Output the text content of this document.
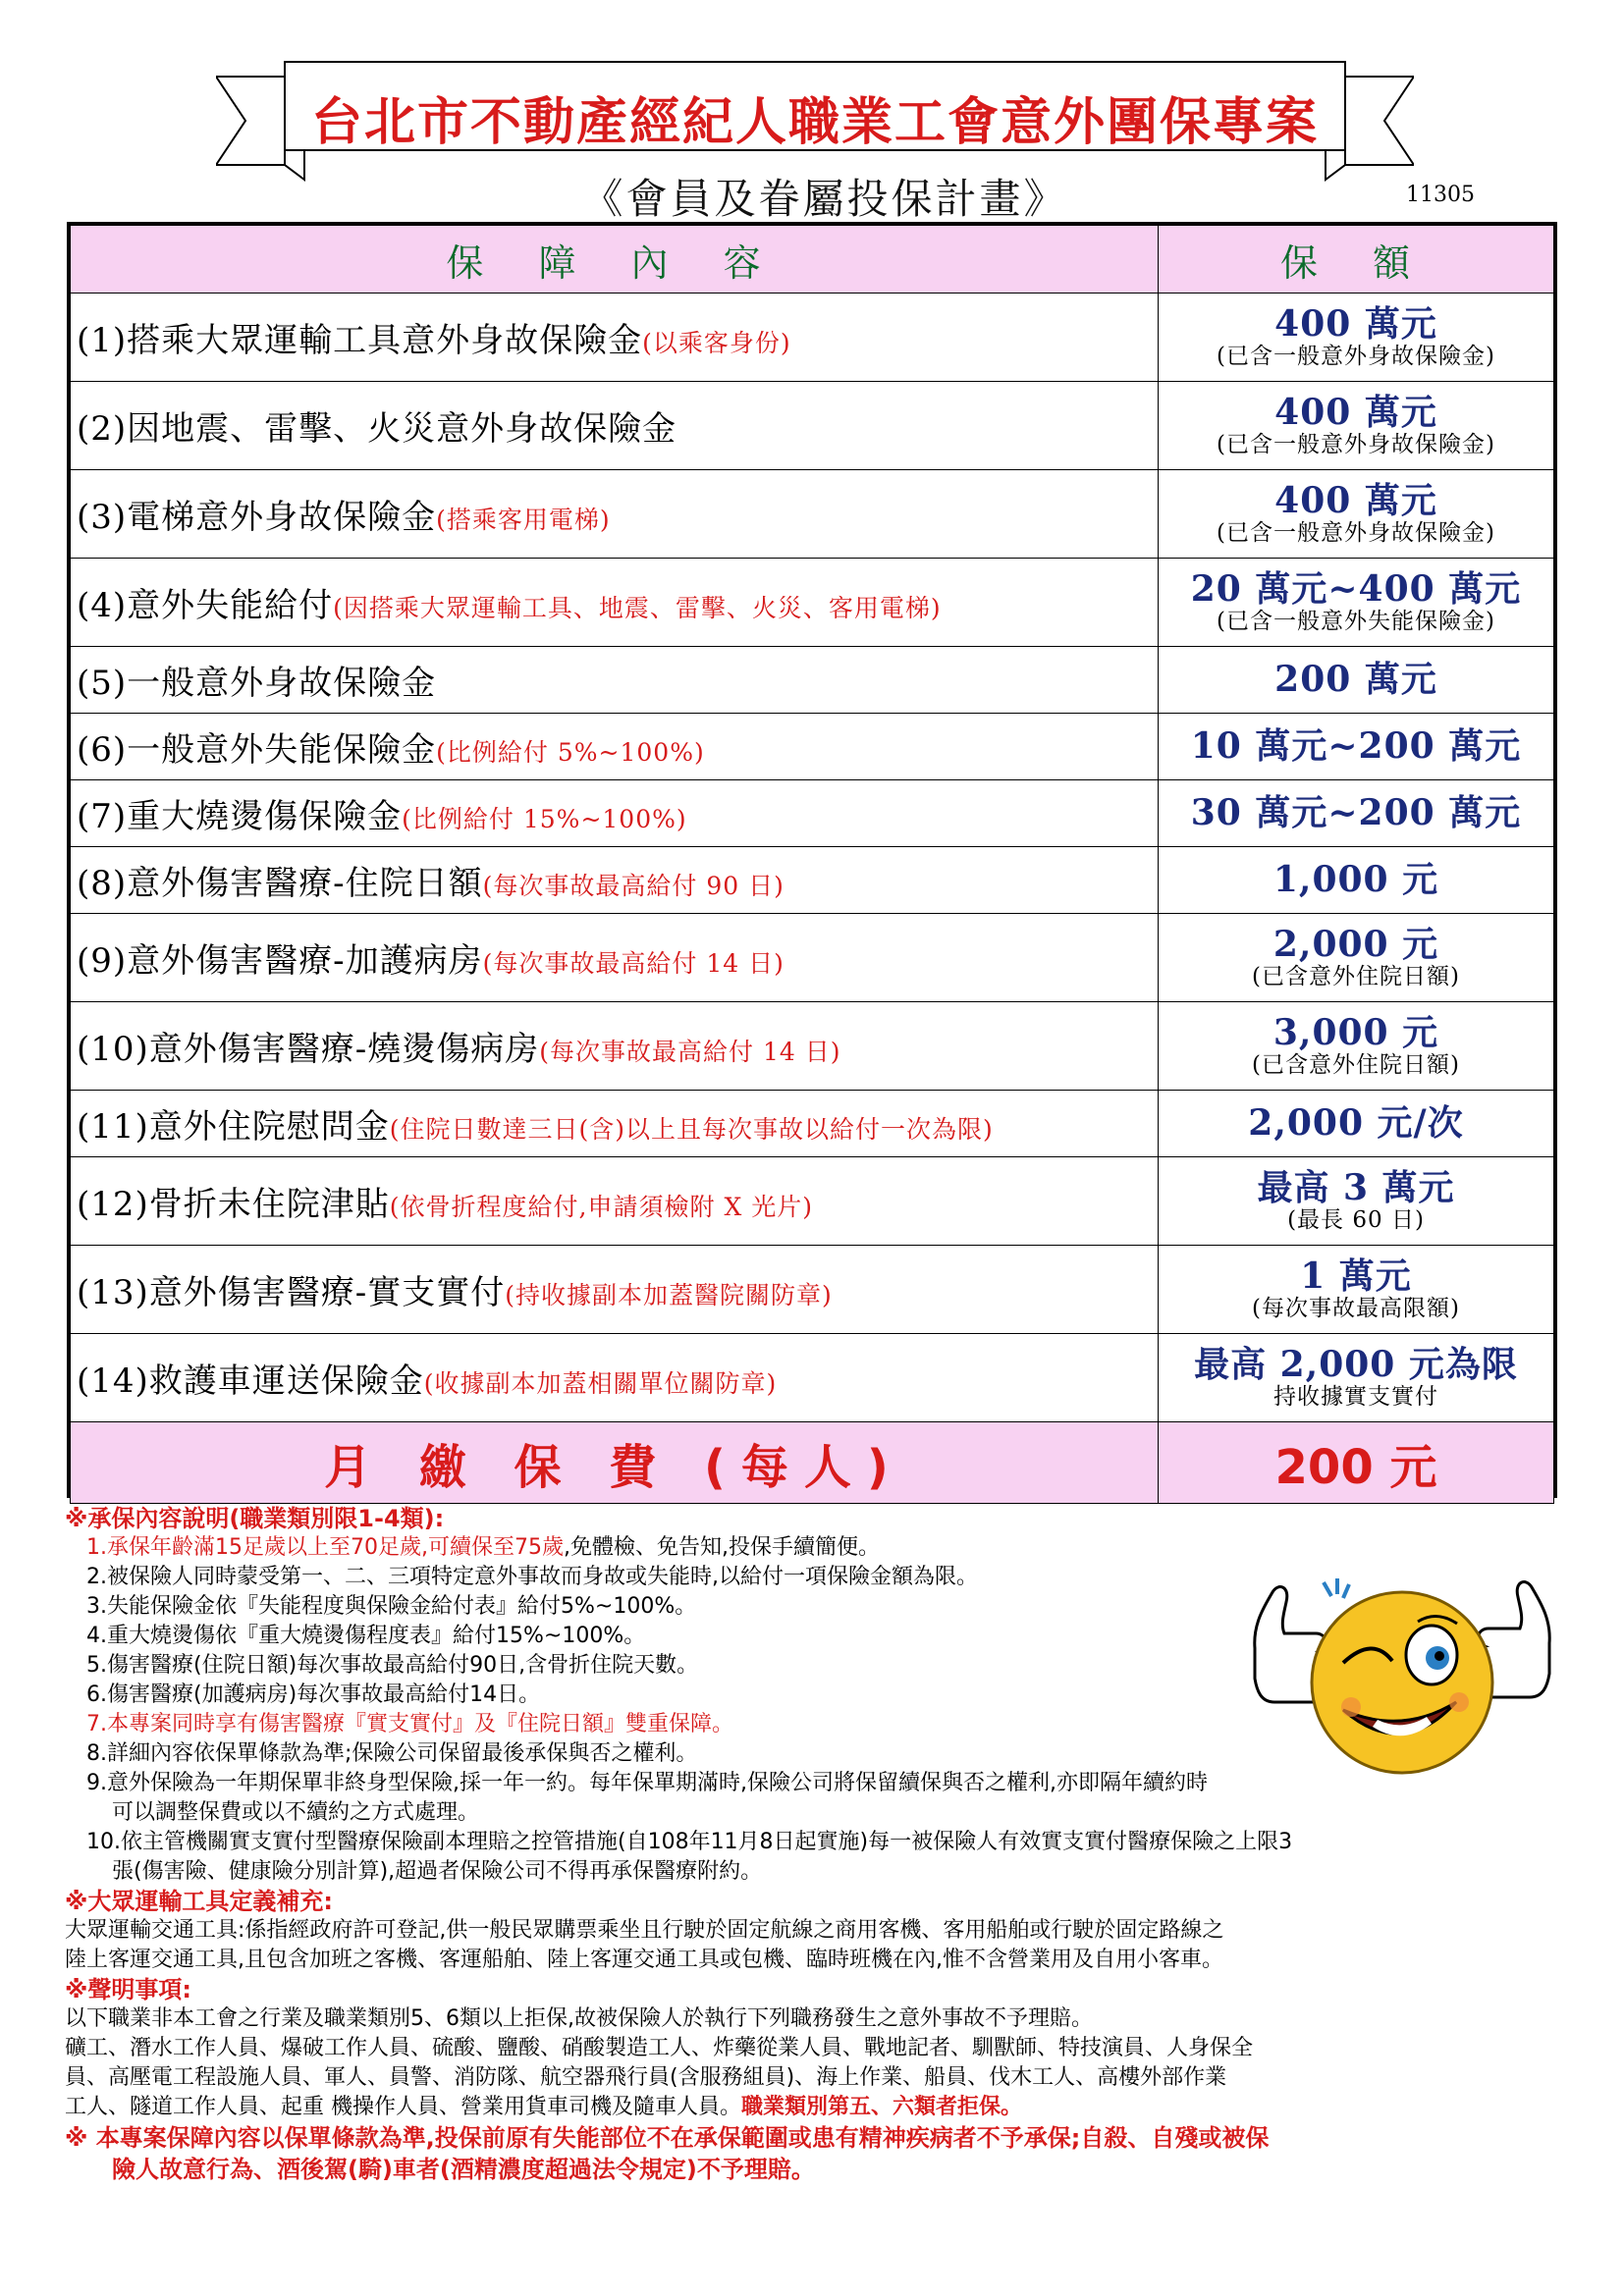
台北市不動產經紀人職業工會意外團保專案
《會員及眷屬投保計畫》	11305
保 障 內 容	保 額
(1)搭乘大眾運輸工具意外身故保險金(以乘客身份)	400 萬元
(已含一般意外身故保險金)

(2)因地震、雷擊、火災意外身故保險金	400 萬元
(已含一般意外身故保險金)

(3)電梯意外身故保險金(搭乘客用電梯)	400 萬元
(已含一般意外身故保險金)

(4)意外失能給付(因搭乘大眾運輸工具、地震、雷擊、火災、客用電梯)	20 萬元~400 萬元
(已含一般意外失能保險金)

(5)一般意外身故保險金	200 萬元

(6)一般意外失能保險金(比例給付 5%~100%)	10 萬元~200 萬元

(7)重大燒燙傷保險金(比例給付 15%~100%)	30 萬元~200 萬元

(8)意外傷害醫療-住院日額(每次事故最高給付 90 日)	1,000 元

(9)意外傷害醫療-加護病房(每次事故最高給付 14 日)	2,000 元
(已含意外住院日額)

(10)意外傷害醫療-燒燙傷病房(每次事故最高給付 14 日)	3,000 元
(已含意外住院日額)

(11)意外住院慰問金(住院日數達三日(含)以上且每次事故以給付一次為限)	2,000 元/次

(12)骨折未住院津貼(依骨折程度給付,申請須檢附 X 光片)	最高 3 萬元
(最長 60 日)

(13)意外傷害醫療-實支實付(持收據副本加蓋醫院關防章)	1 萬元
(每次事故最高限額)

(14)救護車運送保險金(收據副本加蓋相關單位關防章)	最高 2,000 元為限
持收據實支實付

月 繳 保 費 (每人)	200 元
※承保內容說明(職業類別限1-4類):
1.承保年齡滿15足歲以上至70足歲,可續保至75歲,免體檢、免告知,投保手續簡便。
2.被保險人同時蒙受第一、二、三項特定意外事故而身故或失能時,以給付一項保險金額為限。
3.失能保險金依『失能程度與保險金給付表』給付5%~100%。
4.重大燒燙傷依『重大燒燙傷程度表』給付15%~100%。
5.傷害醫療(住院日額)每次事故最高給付90日,含骨折住院天數。
6.傷害醫療(加護病房)每次事故最高給付14日。
7.本專案同時享有傷害醫療『實支實付』及『住院日額』雙重保障。
8.詳細內容依保單條款為準;保險公司保留最後承保與否之權利。
9.意外保險為一年期保單非終身型保險,採一年一約。每年保單期滿時,保險公司將保留續保與否之權利,亦即隔年續約時
可以調整保費或以不續約之方式處理。
10.依主管機關實支實付型醫療保險副本理賠之控管措施(自108年11月8日起實施)每一被保險人有效實支實付醫療保險之上限3
張(傷害險、健康險分別計算),超過者保險公司不得再承保醫療附約。
※大眾運輸工具定義補充:
大眾運輸交通工具:係指經政府許可登記,供一般民眾購票乘坐且行駛於固定航線之商用客機、客用船舶或行駛於固定路線之
陸上客運交通工具,且包含加班之客機、客運船舶、陸上客運交通工具或包機、臨時班機在內,惟不含營業用及自用小客車。
※聲明事項:
以下職業非本工會之行業及職業類別5、6類以上拒保,故被保險人於執行下列職務發生之意外事故不予理賠。
礦工、潛水工作人員、爆破工作人員、硫酸、鹽酸、硝酸製造工人、炸藥從業人員、戰地記者、馴獸師、特技演員、人身保全
員、高壓電工程設施人員、軍人、員警、消防隊、航空器飛行員(含服務組員)、海上作業、船員、伐木工人、高樓外部作業
工人、隧道工作人員、起重 機操作人員、營業用貨車司機及隨車人員。職業類別第五、六類者拒保。
※ 本專案保障內容以保單條款為準,投保前原有失能部位不在承保範圍或患有精神疾病者不予承保;自殺、自殘或被保
險人故意行為、酒後駕(騎)車者(酒精濃度超過法令規定)不予理賠。
